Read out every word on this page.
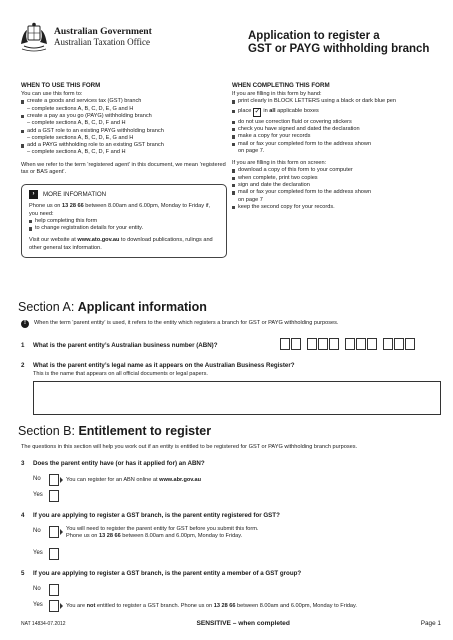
Australian Government
Australian Taxation Office	Application to register a
GST or PAYG withholding branch
WHEN TO USE THIS FORM

You can use this form to:

create a goods and services tax (GST) branch
– complete sections A, B, C, D, E, G and H
create a pay as you go (PAYG) withholding branch
– complete sections A, B, C, D, F and H
add a GST role to an existing PAYG withholding branch
– complete sections A, B, C, D, E, G and H
add a PAYG withholding role to an existing GST branch
– complete sections A, B, C, D, F and H

When we refer to the term ‘registered agent’ in this document, we mean ‘registered tax or BAS agent’.

›	MORE INFORMATION

Phone us on 13 28 66 between 8.00am and 6.00pm, Monday to Friday if, you need:

help completing this form
to change registration details for your entity.

Visit our website at www.ato.gov.au to download publications, rulings and other general tax information.

WHEN COMPLETING THIS FORM

If you are filling in this form by hand:

print clearly in BLOCK LETTERS using a black or dark blue pen
place ✓ in all applicable boxes
do not use correction fluid or covering stickers
check you have signed and dated the declaration
make a copy for your records
mail or fax your completed form to the address shown
on page 7.

If you are filling in this form on screen:

download a copy of this form to your computer
when complete, print two copies
sign and date the declaration
mail or fax your completed form to the address shown
on page 7
keep the second copy for your records.
Section A: Applicant information
!	When the term ‘parent entity’ is used, it refers to the entity which registers a branch for GST or PAYG withholding purposes.
1	What is the parent entity’s Australian business number (ABN)?
2	What is the parent entity’s legal name as it appears on the Australian Business Register?
This is the name that appears on all official documents or legal papers.
Section B: Entitlement to register
The questions in this section will help you work out if an entity is entitled to be registered for GST or PAYG withholding branch purposes.
3	Does the parent entity have (or has it applied for) an ABN?
No	You can register for an ABN online at www.abr.gov.au
Yes
4	If you are applying to register a GST branch, is the parent entity registered for GST?
No	You will need to register the parent entity for GST before you submit this form.
Phone us on 13 28 66 between 8.00am and 6.00pm, Monday to Friday.
Yes
5	If you are applying to register a GST branch, is the parent entity a member of a GST group?
No
Yes	You are not entitled to register a GST branch. Phone us on 13 28 66 between 8.00am and 6.00pm, Monday to Friday.
NAT 14834-07.2012	SENSITIVE – when completed	Page 1
